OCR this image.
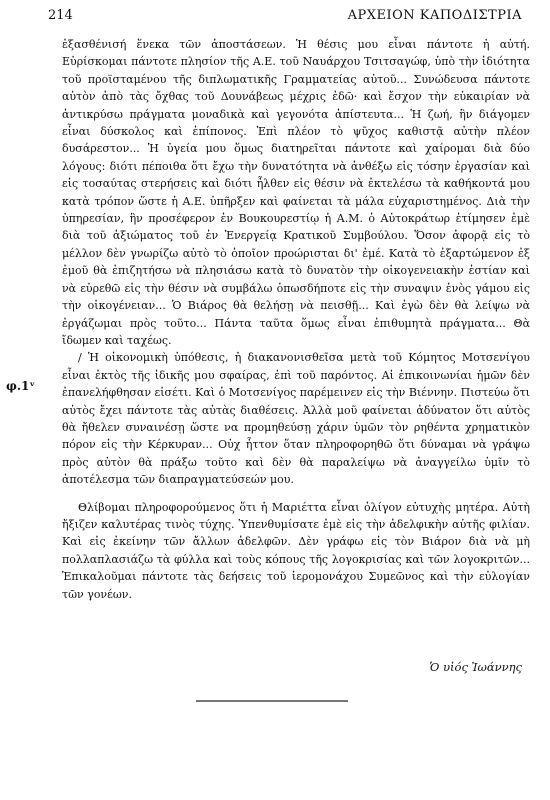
214	ΑΡΧΕΙΟΝ ΚΑΠΟΔΙΣΤΡΙΑ
φ.1ᵛ

ἐξασθένισή ἕνεκα τῶν ἀποστάσεων. Ἡ θέσις μου εἶναι πάντοτε ἡ αὐτή. Εὑρίσκομαι πάντοτε πλησίον τῆς Α.Ε. τοῦ Ναυάρχου Τσιτσαγώφ, ὑπὸ τὴν ἰδιότητα τοῦ προϊσταμένου τῆς διπλωματικῆς Γραμματείας αὐτοῦ... Συνώδευσα πάντοτε αὐτὸν ἀπὸ τὰς ὄχθας τοῦ Δουνάβεως μέχρις ἐδῶ· καὶ ἔσχον τὴν εὐκαιρίαν νὰ ἀντικρύσω πράγματα μοναδικὰ καὶ γεγονότα ἀπίστευτα... Ἡ ζωή, ἣν διάγομεν εἶναι δύσκολος καὶ ἐπίπονος. Ἐπὶ πλέον τὸ ψῦχος καθιστᾷ αὐτὴν πλέον δυσάρεστον... Ἡ ὑγεία μου ὅμως διατηρεῖται πάντοτε καὶ χαίρομαι διὰ δύο λόγους: διότι πέποιθα ὅτι ἔχω τὴν δυνατότητα νὰ ἀνθέξω εἰς τόσην ἐργασίαν καὶ εἰς τοσαύτας στερήσεις καὶ διότι ἦλθεν εἰς θέσιν νὰ ἐκτελέσω τὰ καθήκοντά μου κατὰ τρόπον ὥστε ἡ Α.Ε. ὑπῆρξεν καὶ φαίνεται τὰ μάλα εὐχαριστημένος. Διὰ τὴν ὑπηρεσίαν, ἣν προσέφερον ἐν Βουκουρεστίῳ ἡ Α.Μ. ὁ Αὐτοκράτωρ ἐτίμησεν ἐμὲ διὰ τοῦ ἀξιώματος τοῦ ἐν Ἐνεργείᾳ Κρατικοῦ Συμβούλου. Ὅσον ἀφορᾷ εἰς τὸ μέλλον δὲν γνωρίζω αὐτὸ τὸ ὁποῖον προώρισται δι' ἐμέ. Κατὰ τὸ ἐξαρτώμενον ἐξ ἐμοῦ θὰ ἐπιζητήσω νὰ πλησιάσω κατὰ τὸ δυνατὸν τὴν οἰκογενειακὴν ἑστίαν καὶ νὰ εὑρεθῶ εἰς τὴν θέσιν νὰ συμβάλω ὁπωσδήποτε εἰς τὴν συναψιν ἑνὸς γάμου εἰς τὴν οἰκογένειαν... Ὁ Βιάρος θὰ θελήσῃ νὰ πεισθῇ... Καὶ ἐγὼ δὲν θὰ λείψω νὰ ἐργάζωμαι πρὸς τοῦτο... Πάντα ταῦτα ὅμως εἶναι ἐπιθυμητὰ πράγματα... Θὰ ἴδωμεν καὶ ταχέως.

/ Ἡ οἰκονομικὴ ὑπόθεσις, ἡ διακανονισθεῖσα μετὰ τοῦ Κόμητος Μοτσενίγου εἶναι ἐκτὸς τῆς ἰδικῆς μου σφαίρας, ἐπὶ τοῦ παρόντος. Αἱ ἐπικοινωνίαι ἡμῶν δὲν ἐπανελήφθησαν εἰσέτι. Καὶ ὁ Μοτσενίγος παρέμεινεν εἰς τὴν Βιέννην. Πιστεύω ὅτι αὐτὸς ἔχει πάντοτε τὰς αὐτὰς διαθέσεις. Ἀλλὰ μοῦ φαίνεται ἀδύνατον ὅτι αὐτὸς θὰ ἤθελεν συναινέσῃ ὥστε να προμηθεύσῃ χάριν ὑμῶν τὸν ρηθέντα χρηματικὸν πόρον εἰς τὴν Κέρκυραν... Οὐχ ἧττον ὅταν πληροφορηθῶ ὅτι δύναμαι νὰ γράψω πρὸς αὐτὸν θὰ πράξω τοῦτο καὶ δὲν θὰ παραλείψω νὰ ἀναγγείλω ὑμῖν τὸ ἀποτέλεσμα τῶν διαπραγματεύσεών μου.

Θλίβομαι πληροφορούμενος ὅτι ἡ Μαριέττα εἶναι ὀλίγον εὐτυχὴς μητέρα. Αὐτὴ ἤξιζεν καλυτέρας τινὸς τύχης. Ὑπενθυμίσατε ἐμὲ εἰς τὴν ἀδελφικὴν αὐτῆς φιλίαν. Καὶ εἰς ἐκείνην τῶν ἄλλων ἀδελφῶν. Δὲν γράφω εἰς τὸν Βιάρον διὰ νὰ μὴ πολλαπλασιάζω τὰ φύλλα καὶ τοὺς κόπους τῆς λογοκρισίας καὶ τῶν λογοκριτῶν... Ἐπικαλοῦμαι πάντοτε τὰς δεήσεις τοῦ ἱερομονάχου Συμεῶνος καὶ τὴν εὐλογίαν τῶν γονέων.

Ὁ υἱός Ἰωάννης
